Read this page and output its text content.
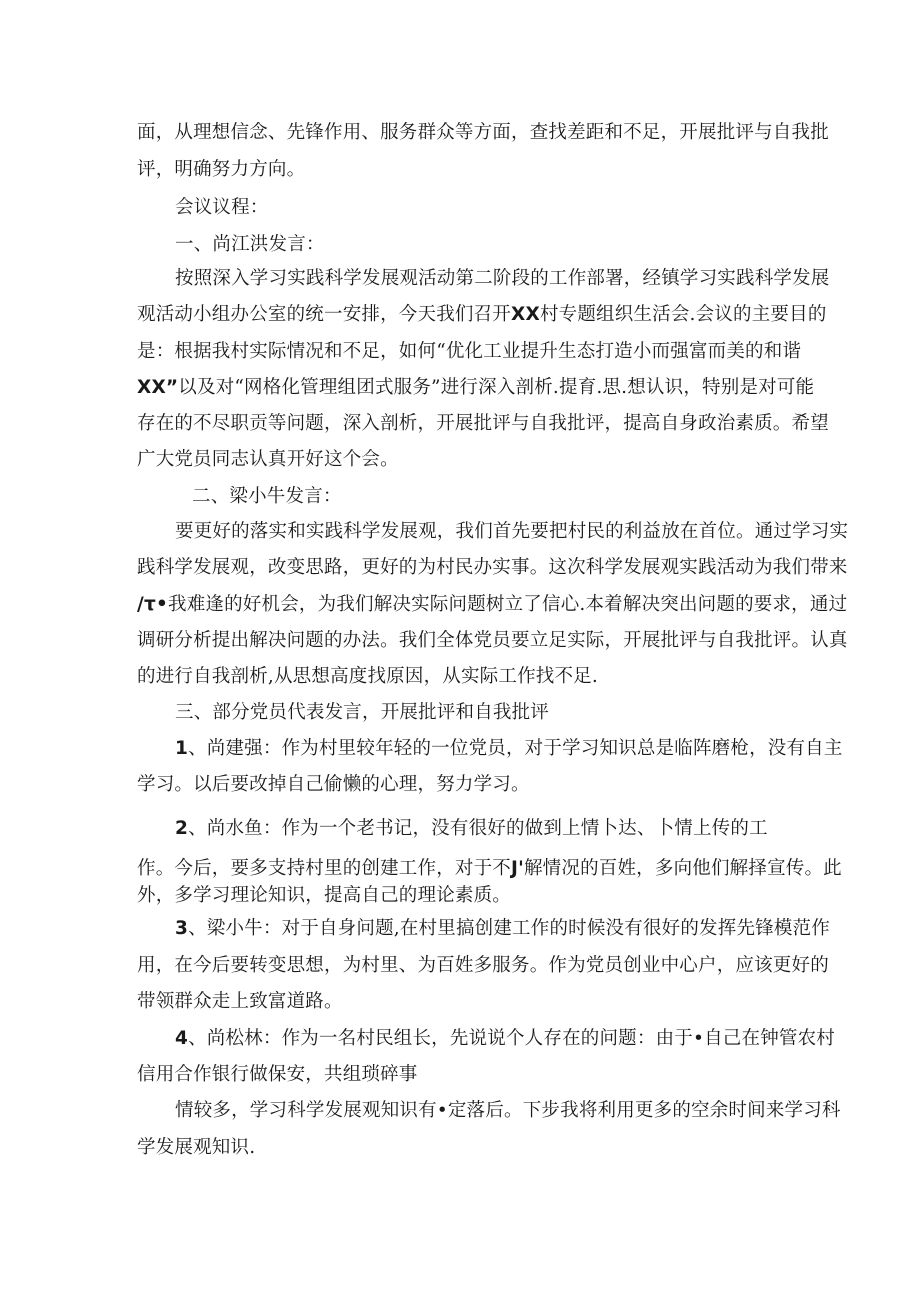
面，从理想信念、先锋作用、服务群众等方面，查找差距和不足，开展批评与自我批
评，明确努力方向。
会议议程：
一、尚江洪发言：
按照深入学习实践科学发展观活动第二阶段的工作部署，经镇学习实践科学发展
观活动小组办公室的统一安排，今天我们召开XX村专题组织生活会.会议的主要目的
是：根据我村实际情况和不足，如何“优化工业提升生态打造小而强富而美的和谐
XX”以及对“网格化管理组团式服务”进行深入剖析.提育.思.想认识，特别是对可能
存在的不尽职贡等问题，深入剖析，开展批评与自我批评，提高自身政治素质。希望
广大党员同志认真开好这个会。
二、梁小牛发言：
要更好的落实和实践科学发展观，我们首先要把村民的利益放在首位。通过学习实
践科学发展观，改变思路，更好的为村民办实事。这次科学发展观实践活动为我们带来
/τ•我难逢的好机会，为我们解决实际问题树立了信心.本着解决突出问题的要求，通过
调研分析提出解决问题的办法。我们全体党员要立足实际，开展批评与自我批评。认真
的进行自我剖析,从思想高度找原因，从实际工作找不足.
三、部分党员代表发言，开展批评和自我批评
1、尚建强：作为村里较年轻的一位党员，对于学习知识总是临阵磨枪，没有自主
学习。以后要改掉自己偷懒的心理，努力学习。
2、尚水鱼：作为一个老书记，没有很好的做到上情卜达、卜情上传的工
作。今后，要多支持村里的创建工作，对于不J'解情况的百姓，多向他们解择宣传。此
外，多学习理论知识，提高自己的理论素质。
3、梁小牛：对于自身问题,在村里搞创建工作的时候没有很好的发挥先锋模范作
用，在今后要转变思想，为村里、为百姓多服务。作为党员创业中心户，应该更好的
带领群众走上致富道路。
4、尚松林：作为一名村民组长，先说说个人存在的问题：由于•自己在钟管农村
信用合作银行做保安，共组琐碎事
情较多，学习科学发展观知识有•定落后。下步我将利用更多的空余时间来学习科
学发展观知识.
